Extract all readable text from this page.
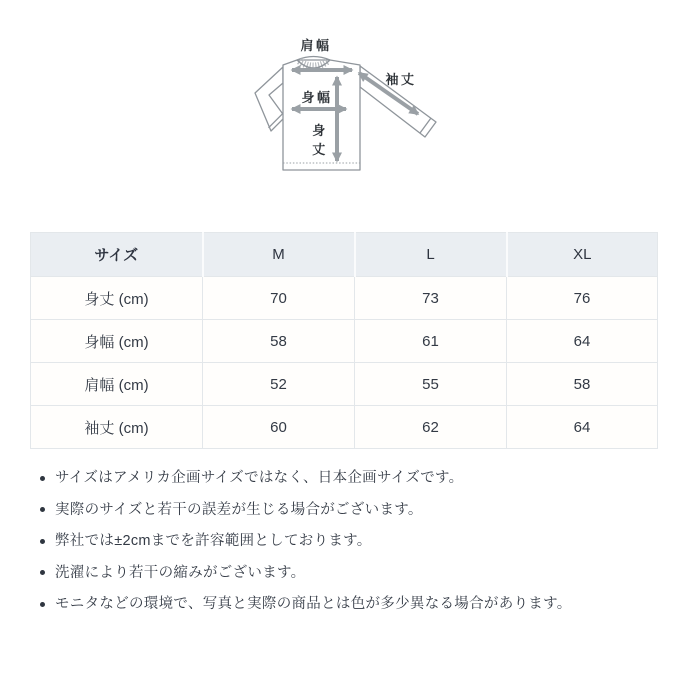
肩幅
袖丈
身幅
身
丈
サイズ	M	L	XL
身丈 (cm)	70	73	76
身幅 (cm)	58	61	64
肩幅 (cm)	52	55	58
袖丈 (cm)	60	62	64
サイズはアメリカ企画サイズではなく、日本企画サイズです。
実際のサイズと若干の誤差が生じる場合がございます。
弊社では±2cmまでを許容範囲としております。
洗濯により若干の縮みがございます。
モニタなどの環境で、写真と実際の商品とは色が多少異なる場合があります。
